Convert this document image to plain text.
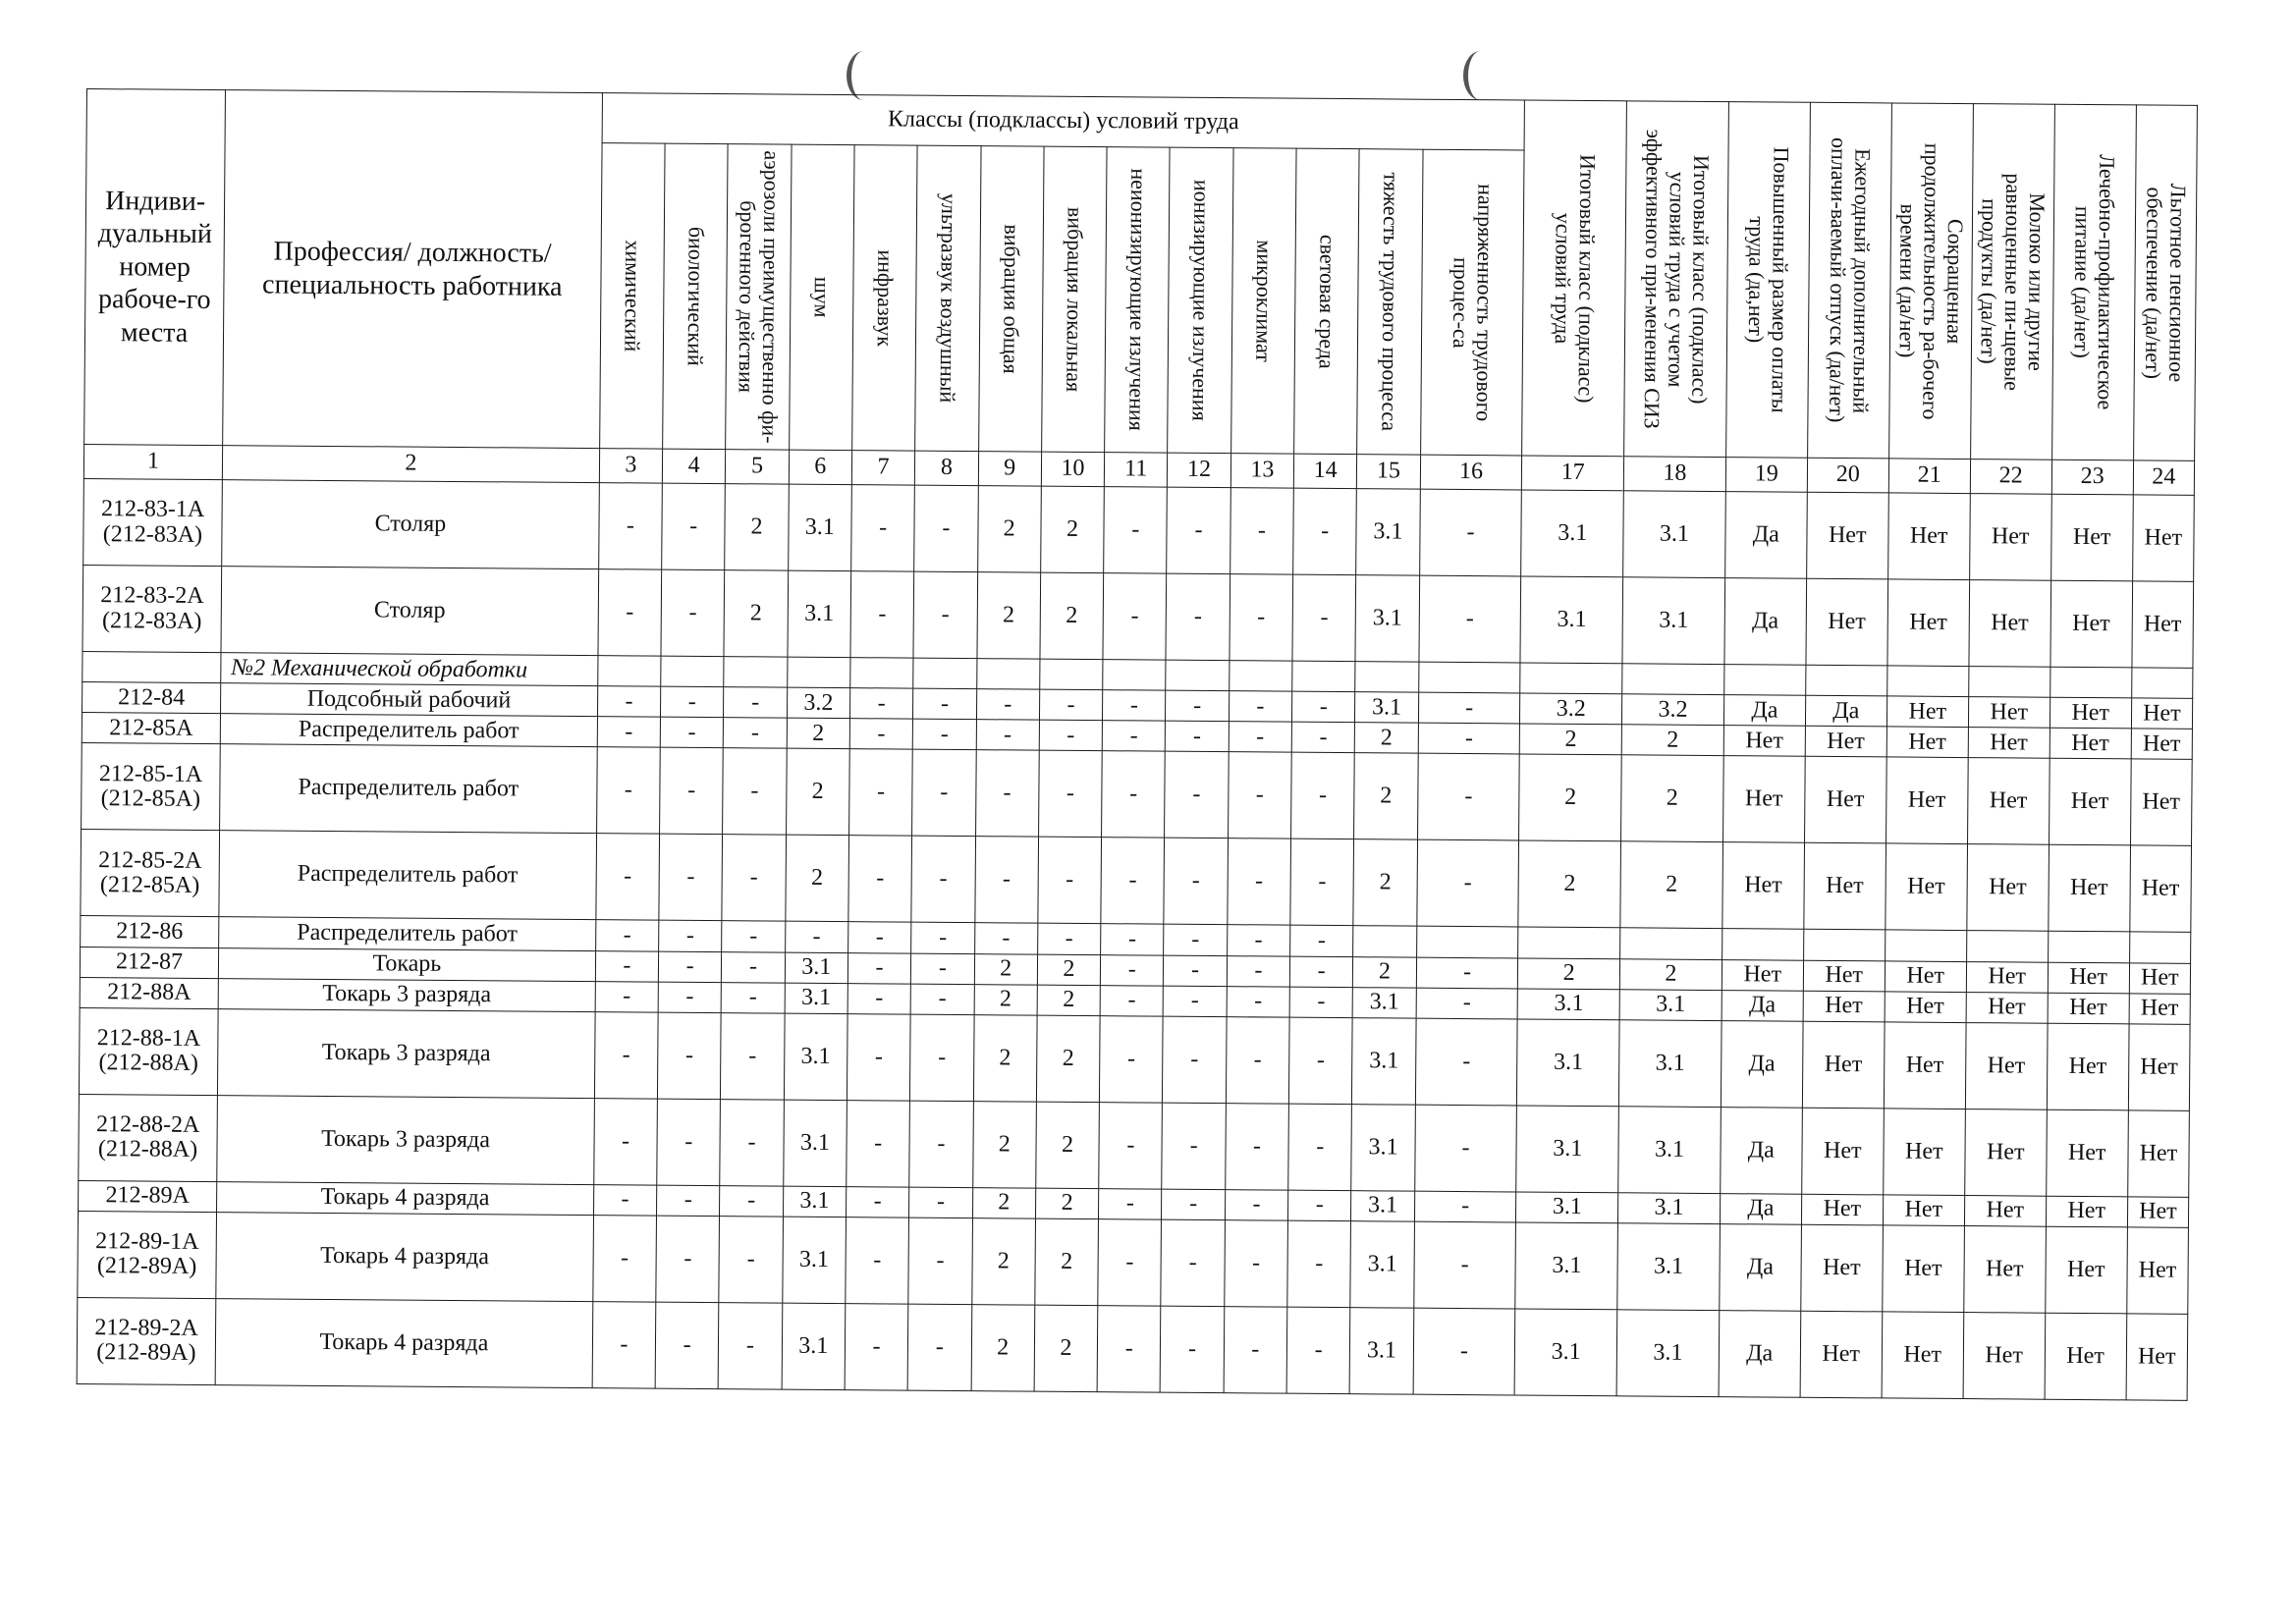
Индиви-дуальный номер рабоче-го места	Профессия/ должность/ специальность работника	Классы (подклассы) условий труда														Итоговый класс (подкласс) условий труда	Итоговый класс (подкласс) условий труда с учетом эффективного при-менения СИЗ	Повышенный размер оплаты труда (да,нет)	Ежегодный дополнительный оплачи-ваемый отпуск (да/нет)	Сокращенная продолжительность ра-бочего времени (да/нет)	Молоко или другие равноценные пи-щевые продукты (да/нет)	Лечебно-профилактическое питание (да/нет)	Льготное пенсионное обеспечение (да/нет)

химический	биологический	аэрозоли преимущественно фи-брогенного действия	шум	инфразвук	ультразвук воздушный	вибрация общая	вибрация локальная	неионизирующие излучения	ионизирующие излучения	микроклимат	световая среда	тяжесть трудового процесса	напряженность трудового процес-са								

1	2	3	4	5	6	7	8	9	10	11	12	13	14	15	16	17	18	19	20	21	22	23	24
212-83-1А (212-83А)	Столяр	-	-	2	3.1	-	-	2	2	-	-	-	-	3.1	-	3.1	3.1	Да	Нет	Нет	Нет	Нет	Нет
212-83-2А (212-83А)	Столяр	-	-	2	3.1	-	-	2	2	-	-	-	-	3.1	-	3.1	3.1	Да	Нет	Нет	Нет	Нет	Нет
	№2 Механической обработки																						
212-84	Подсобный рабочий	-	-	-	3.2	-	-	-	-	-	-	-	-	3.1	-	3.2	3.2	Да	Да	Нет	Нет	Нет	Нет
212-85А	Распределитель работ	-	-	-	2	-	-	-	-	-	-	-	-	2	-	2	2	Нет	Нет	Нет	Нет	Нет	Нет
212-85-1А (212-85А)	Распределитель работ	-	-	-	2	-	-	-	-	-	-	-	-	2	-	2	2	Нет	Нет	Нет	Нет	Нет	Нет
212-85-2А (212-85А)	Распределитель работ	-	-	-	2	-	-	-	-	-	-	-	-	2	-	2	2	Нет	Нет	Нет	Нет	Нет	Нет
212-86	Распределитель работ	-	-	-	-	-	-	-	-	-	-	-	-										
212-87	Токарь	-	-	-	3.1	-	-	2	2	-	-	-	-	2	-	2	2	Нет	Нет	Нет	Нет	Нет	Нет
212-88А	Токарь 3 разряда	-	-	-	3.1	-	-	2	2	-	-	-	-	3.1	-	3.1	3.1	Да	Нет	Нет	Нет	Нет	Нет
212-88-1А (212-88А)	Токарь 3 разряда	-	-	-	3.1	-	-	2	2	-	-	-	-	3.1	-	3.1	3.1	Да	Нет	Нет	Нет	Нет	Нет
212-88-2А (212-88А)	Токарь 3 разряда	-	-	-	3.1	-	-	2	2	-	-	-	-	3.1	-	3.1	3.1	Да	Нет	Нет	Нет	Нет	Нет
212-89А	Токарь 4 разряда	-	-	-	3.1	-	-	2	2	-	-	-	-	3.1	-	3.1	3.1	Да	Нет	Нет	Нет	Нет	Нет
212-89-1А (212-89А)	Токарь 4 разряда	-	-	-	3.1	-	-	2	2	-	-	-	-	3.1	-	3.1	3.1	Да	Нет	Нет	Нет	Нет	Нет
212-89-2А (212-89А)	Токарь 4 разряда	-	-	-	3.1	-	-	2	2	-	-	-	-	3.1	-	3.1	3.1	Да	Нет	Нет	Нет	Нет	Нет
